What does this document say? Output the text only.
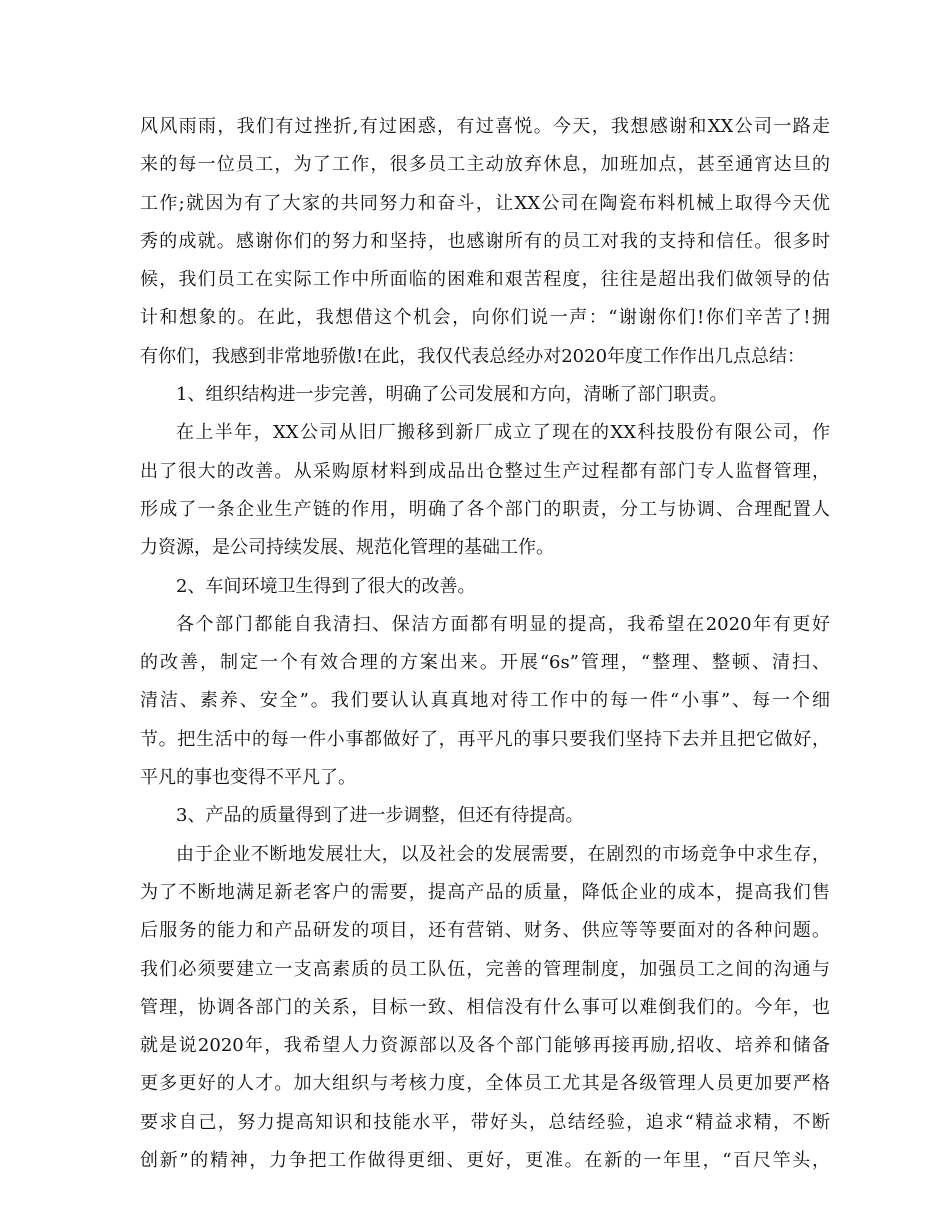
风风雨雨，我们有过挫折,有过困惑，有过喜悦。今天，我想感谢和XX公司一路走
来的每一位员工，为了工作，很多员工主动放弃休息，加班加点，甚至通宵达旦的
工作;就因为有了大家的共同努力和奋斗，让XX公司在陶瓷布料机械上取得今天优
秀的成就。感谢你们的努力和坚持，也感谢所有的员工对我的支持和信任。很多时
候，我们员工在实际工作中所面临的困难和艰苦程度，往往是超出我们做领导的估
计和想象的。在此，我想借这个机会，向你们说一声：“谢谢你们!你们辛苦了!拥
有你们，我感到非常地骄傲!在此，我仅代表总经办对2020年度工作作出几点总结：
1、组织结构进一步完善，明确了公司发展和方向，清晰了部门职责。
在上半年，XX公司从旧厂搬移到新厂成立了现在的XX科技股份有限公司，作
出了很大的改善。从采购原材料到成品出仓整过生产过程都有部门专人监督管理，
形成了一条企业生产链的作用，明确了各个部门的职责，分工与协调、合理配置人
力资源，是公司持续发展、规范化管理的基础工作。
2、车间环境卫生得到了很大的改善。
各个部门都能自我清扫、保洁方面都有明显的提高，我希望在2020年有更好
的改善，制定一个有效合理的方案出来。开展“6s”管理，“整理、整顿、清扫、
清洁、素养、安全”。我们要认认真真地对待工作中的每一件“小事”、每一个细
节。把生活中的每一件小事都做好了，再平凡的事只要我们坚持下去并且把它做好，
平凡的事也变得不平凡了。
3、产品的质量得到了进一步调整，但还有待提高。
由于企业不断地发展壮大，以及社会的发展需要，在剧烈的市场竞争中求生存，
为了不断地满足新老客户的需要，提高产品的质量，降低企业的成本，提高我们售
后服务的能力和产品研发的项目，还有营销、财务、供应等等要面对的各种问题。
我们必须要建立一支高素质的员工队伍，完善的管理制度，加强员工之间的沟通与
管理，协调各部门的关系，目标一致、相信没有什么事可以难倒我们的。今年，也
就是说2020年，我希望人力资源部以及各个部门能够再接再励,招收、培养和储备
更多更好的人才。加大组织与考核力度，全体员工尤其是各级管理人员更加要严格
要求自己，努力提高知识和技能水平，带好头，总结经验，追求“精益求精，不断
创新”的精神，力争把工作做得更细、更好，更准。在新的一年里，“百尺竿头，
